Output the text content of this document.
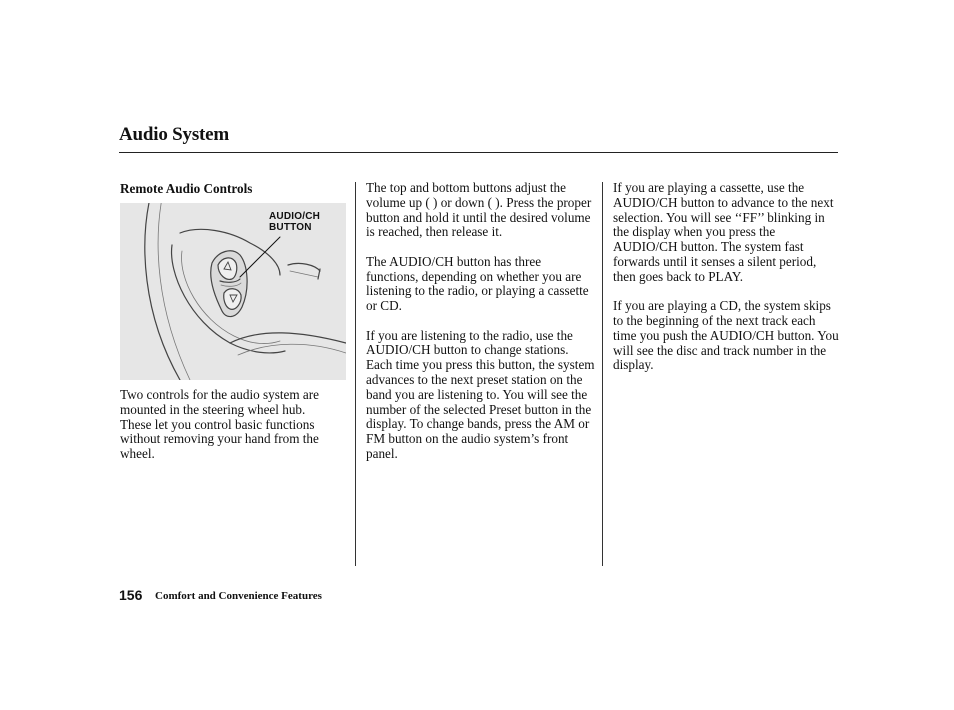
Audio System
Remote Audio Controls
AUDIO/CH
BUTTON

Two controls for the audio system are mounted in the steering wheel hub. These let you control basic functions without removing your hand from the wheel.

The top and bottom buttons adjust the volume up ( ) or down ( ). Press the proper button and hold it until the desired volume is reached, then release it.

The AUDIO/CH button has three functions, depending on whether you are listening to the radio, or playing a cassette or CD.

If you are listening to the radio, use the AUDIO/CH button to change stations. Each time you press this button, the system advances to the next preset station on the band you are listening to. You will see the number of the selected Preset button in the display. To change bands, press the AM or FM button on the audio system’s front panel.

If you are playing a cassette, use the AUDIO/CH button to advance to the next selection. You will see ‘‘FF’’ blinking in the display when you press the AUDIO/CH button. The system fast forwards until it senses a silent period, then goes back to PLAY.

If you are playing a CD, the system skips to the beginning of the next track each time you push the AUDIO/CH button. You will see the disc and track number in the display.

156 Comfort and Convenience Features
